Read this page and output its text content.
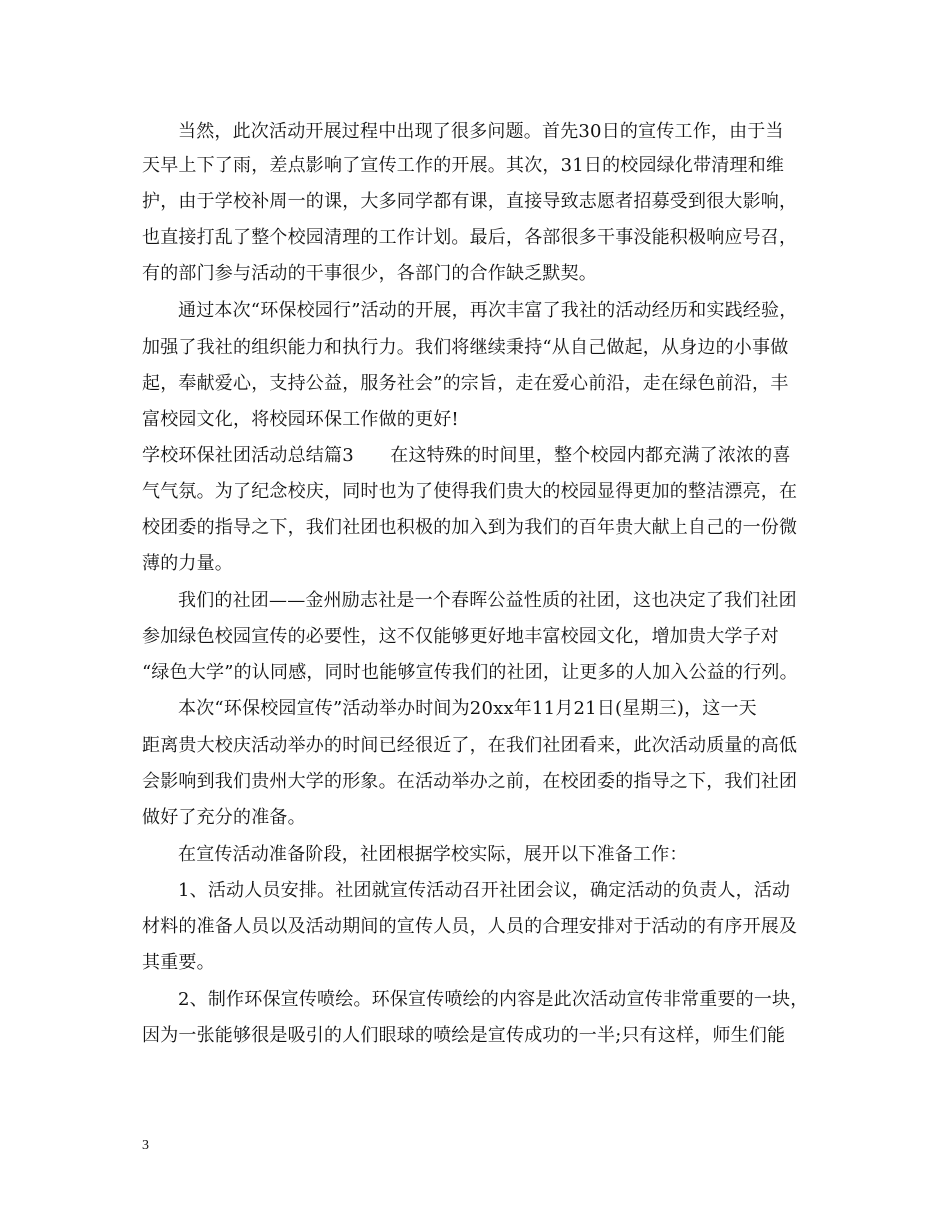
当然，此次活动开展过程中出现了很多问题。首先30日的宣传工作，由于当
天早上下了雨，差点影响了宣传工作的开展。其次，31日的校园绿化带清理和维
护，由于学校补周一的课，大多同学都有课，直接导致志愿者招募受到很大影响，
也直接打乱了整个校园清理的工作计划。最后，各部很多干事没能积极响应号召，
有的部门参与活动的干事很少，各部门的合作缺乏默契。
通过本次“环保校园行”活动的开展，再次丰富了我社的活动经历和实践经验，
加强了我社的组织能力和执行力。我们将继续秉持“从自己做起，从身边的小事做
起，奉献爱心，支持公益，服务社会”的宗旨，走在爱心前沿，走在绿色前沿，丰
富校园文化，将校园环保工作做的更好!
学校环保社团活动总结篇3　　在这特殊的时间里，整个校园内都充满了浓浓的喜
气气氛。为了纪念校庆，同时也为了使得我们贵大的校园显得更加的整洁漂亮，在
校团委的指导之下，我们社团也积极的加入到为我们的百年贵大献上自己的一份微
薄的力量。
我们的社团——金州励志社是一个春晖公益性质的社团，这也决定了我们社团
参加绿色校园宣传的必要性，这不仅能够更好地丰富校园文化，增加贵大学子对
“绿色大学”的认同感，同时也能够宣传我们的社团，让更多的人加入公益的行列。
本次“环保校园宣传”活动举办时间为20xx年11月21日(星期三)，这一天
距离贵大校庆活动举办的时间已经很近了，在我们社团看来，此次活动质量的高低
会影响到我们贵州大学的形象。在活动举办之前，在校团委的指导之下，我们社团
做好了充分的准备。
在宣传活动准备阶段，社团根据学校实际，展开以下准备工作：
1、活动人员安排。社团就宣传活动召开社团会议，确定活动的负责人，活动
材料的准备人员以及活动期间的宣传人员，人员的合理安排对于活动的有序开展及
其重要。
2、制作环保宣传喷绘。环保宣传喷绘的内容是此次活动宣传非常重要的一块，
因为一张能够很是吸引的人们眼球的喷绘是宣传成功的一半;只有这样，师生们能
3
